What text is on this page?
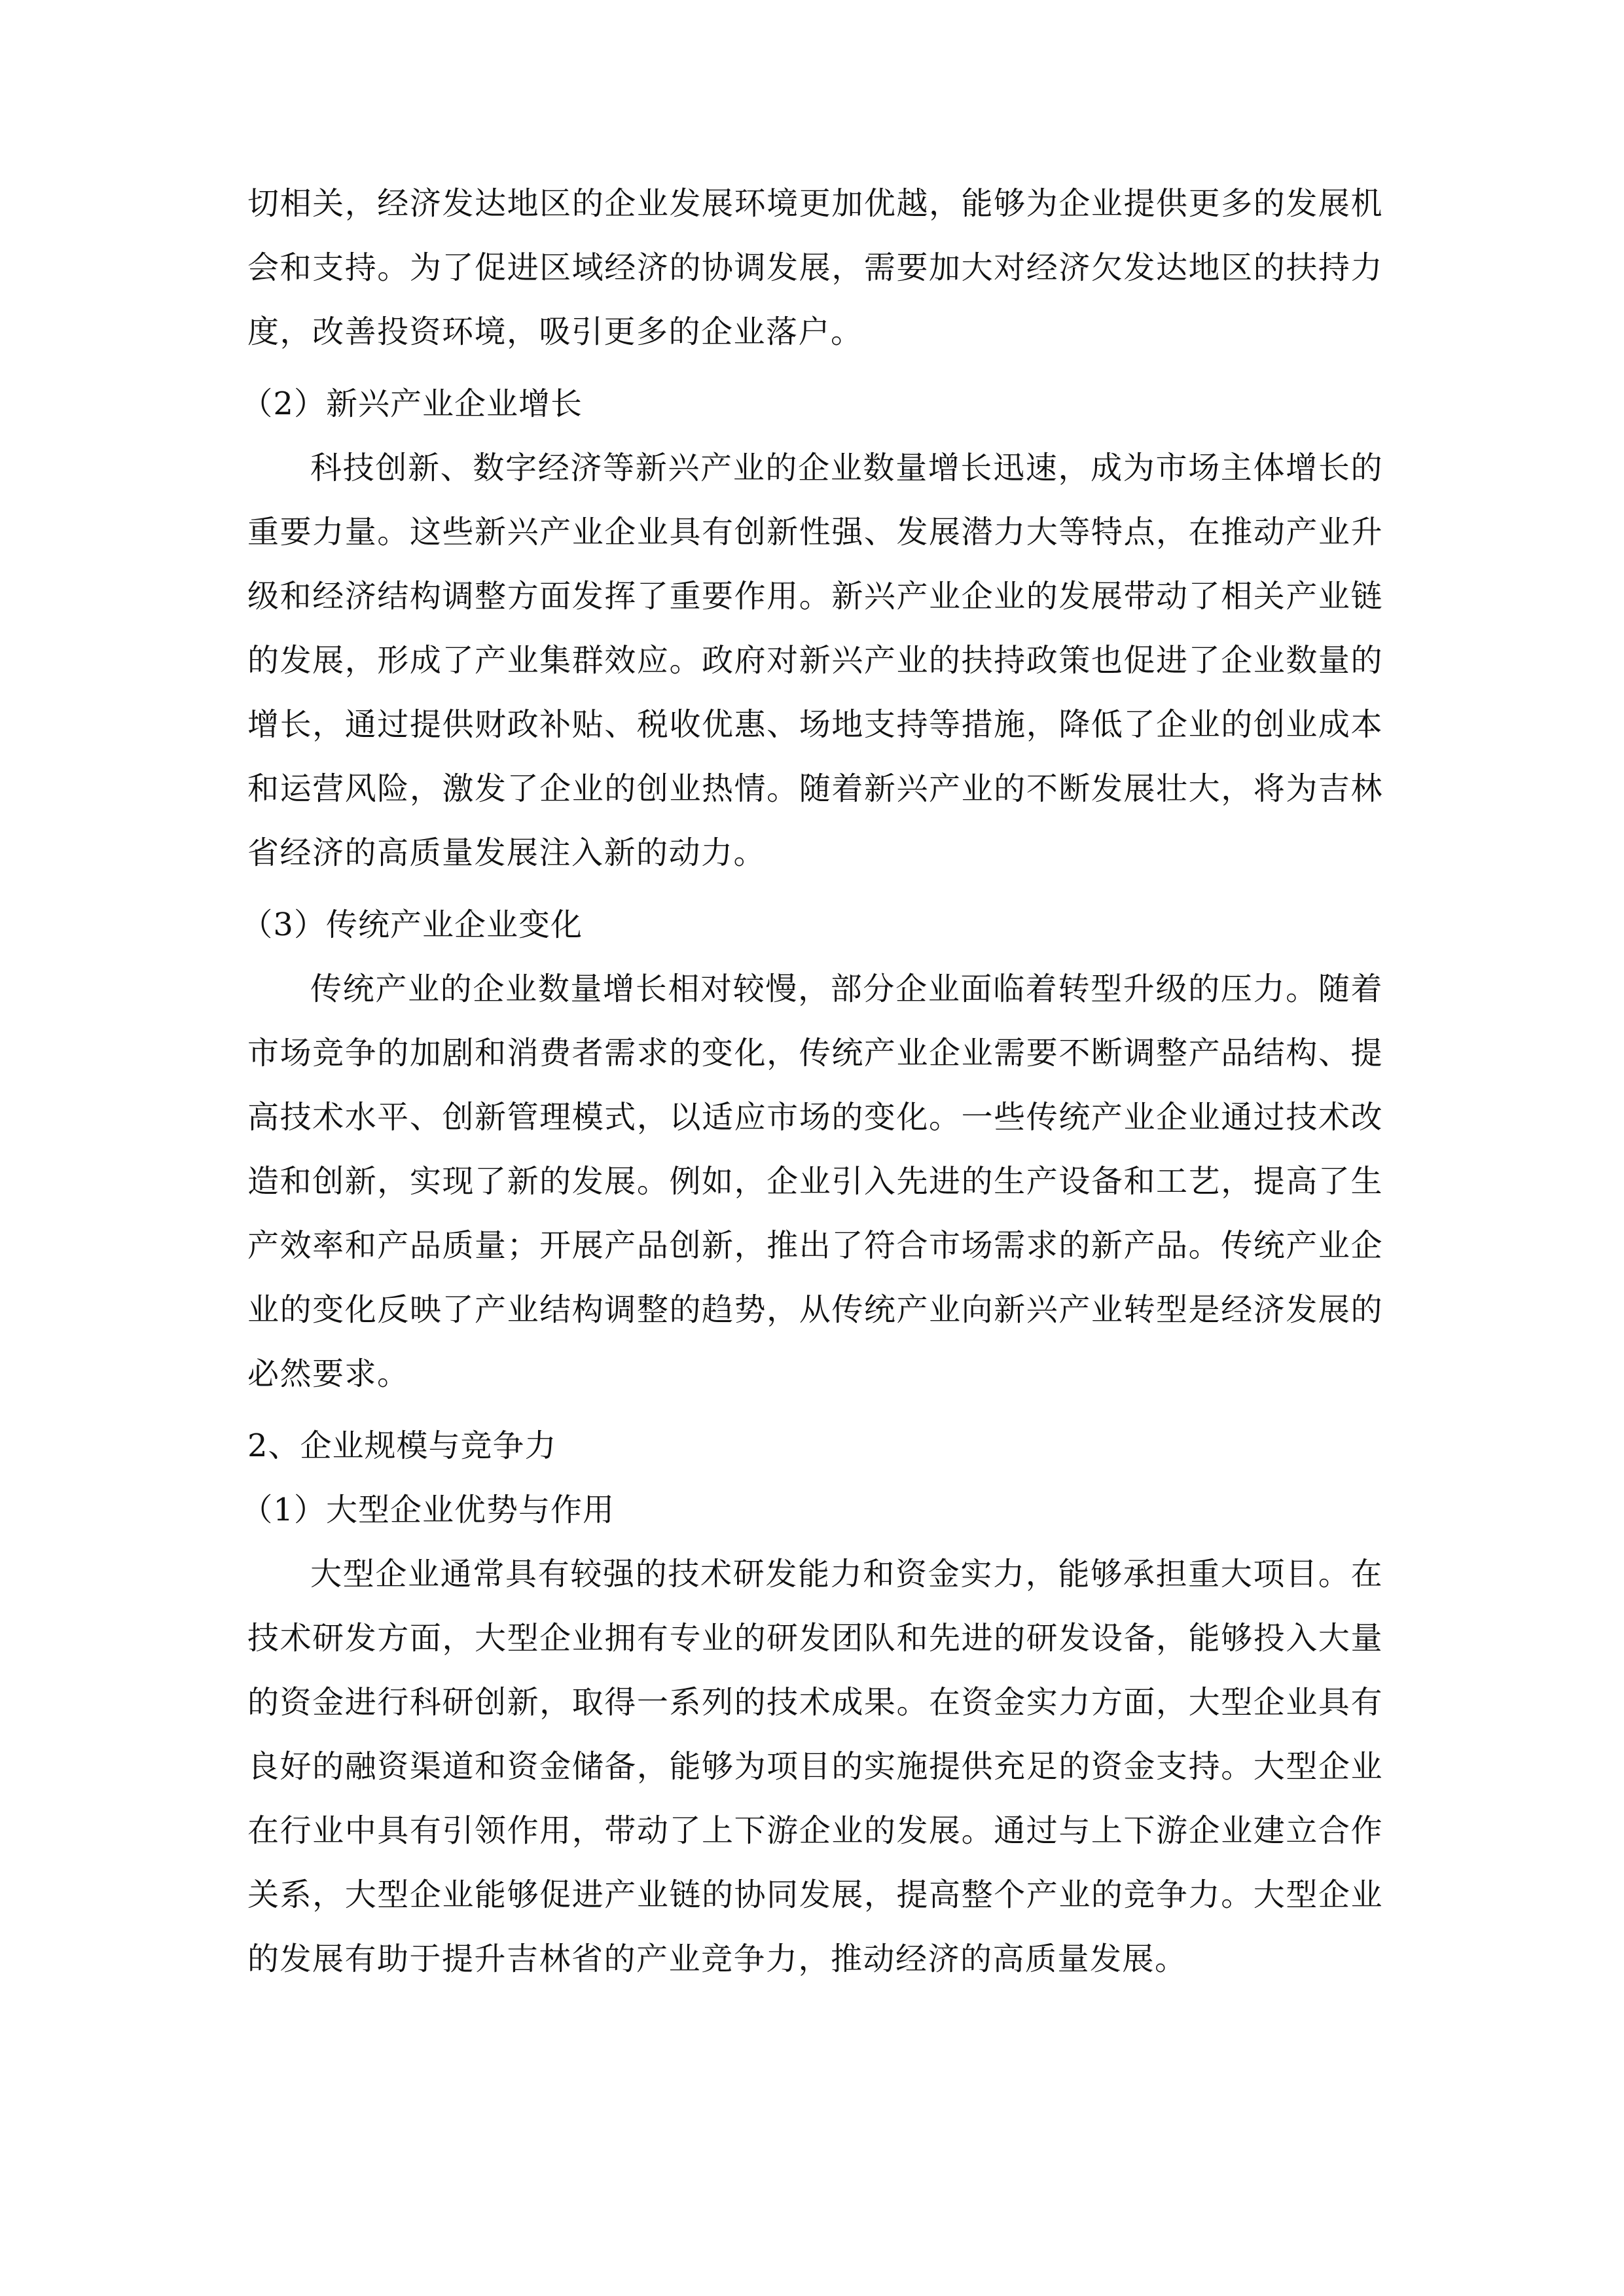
切相关，经济发达地区的企业发展环境更加优越，能够为企业提供更多的发展机会和支持。为了促进区域经济的协调发展，需要加大对经济欠发达地区的扶持力度，改善投资环境，吸引更多的企业落户。

（2）新兴产业企业增长

科技创新、数字经济等新兴产业的企业数量增长迅速，成为市场主体增长的重要力量。这些新兴产业企业具有创新性强、发展潜力大等特点，在推动产业升级和经济结构调整方面发挥了重要作用。新兴产业企业的发展带动了相关产业链的发展，形成了产业集群效应。政府对新兴产业的扶持政策也促进了企业数量的增长，通过提供财政补贴、税收优惠、场地支持等措施，降低了企业的创业成本和运营风险，激发了企业的创业热情。随着新兴产业的不断发展壮大，将为吉林省经济的高质量发展注入新的动力。

（3）传统产业企业变化

传统产业的企业数量增长相对较慢，部分企业面临着转型升级的压力。随着市场竞争的加剧和消费者需求的变化，传统产业企业需要不断调整产品结构、提高技术水平、创新管理模式，以适应市场的变化。一些传统产业企业通过技术改造和创新，实现了新的发展。例如，企业引入先进的生产设备和工艺，提高了生产效率和产品质量；开展产品创新，推出了符合市场需求的新产品。传统产业企业的变化反映了产业结构调整的趋势，从传统产业向新兴产业转型是经济发展的必然要求。

2、企业规模与竞争力

（1）大型企业优势与作用

大型企业通常具有较强的技术研发能力和资金实力，能够承担重大项目。在技术研发方面，大型企业拥有专业的研发团队和先进的研发设备，能够投入大量的资金进行科研创新，取得一系列的技术成果。在资金实力方面，大型企业具有良好的融资渠道和资金储备，能够为项目的实施提供充足的资金支持。大型企业在行业中具有引领作用，带动了上下游企业的发展。通过与上下游企业建立合作关系，大型企业能够促进产业链的协同发展，提高整个产业的竞争力。大型企业的发展有助于提升吉林省的产业竞争力，推动经济的高质量发展。
